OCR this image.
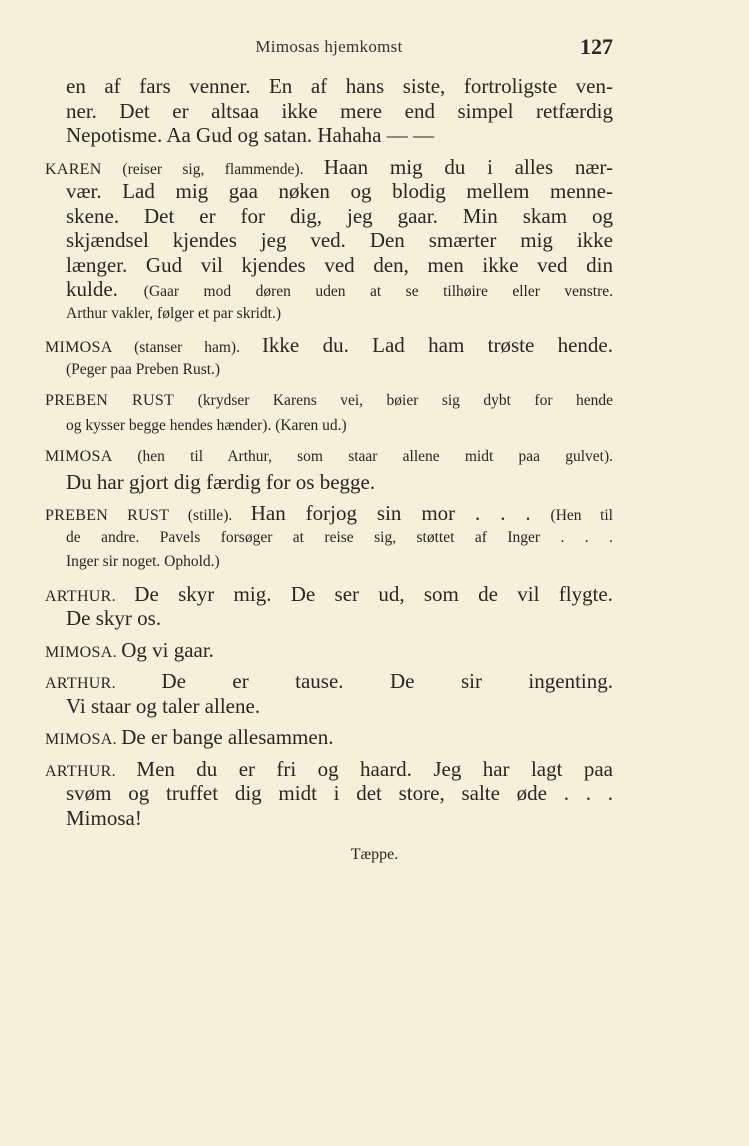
Mimosas hjemkomst	127
en af fars venner. En af hans siste, fortroligste ven-
ner. Det er altsaa ikke mere end simpel retfærdig
Nepotisme. Aa Gud og satan. Hahaha — —
KAREN (reiser sig, flammende). Haan mig du i alles nær-
vær. Lad mig gaa nøken og blodig mellem menne-
skene. Det er for dig, jeg gaar. Min skam og
skjændsel kjendes jeg ved. Den smærter mig ikke
længer. Gud vil kjendes ved den, men ikke ved din
kulde. (Gaar mod døren uden at se tilhøire eller venstre.
Arthur vakler, følger et par skridt.)
MIMOSA (stanser ham). Ikke du. Lad ham trøste hende.
(Peger paa Preben Rust.)
PREBEN RUST (krydser Karens vei, bøier sig dybt for hende
og kysser begge hendes hænder). (Karen ud.)
MIMOSA (hen til Arthur, som staar allene midt paa gulvet).
Du har gjort dig færdig for os begge.
PREBEN RUST (stille). Han forjog sin mor . . . (Hen til
de andre. Pavels forsøger at reise sig, støttet af Inger . . .
Inger sir noget. Ophold.)
ARTHUR. De skyr mig. De ser ud, som de vil flygte.
De skyr os.
MIMOSA. Og vi gaar.
ARTHUR. De er tause. De sir ingenting.
Vi staar og taler allene.
MIMOSA. De er bange allesammen.
ARTHUR. Men du er fri og haard. Jeg har lagt paa
svøm og truffet dig midt i det store, salte øde . . .
Mimosa!
Tæppe.
